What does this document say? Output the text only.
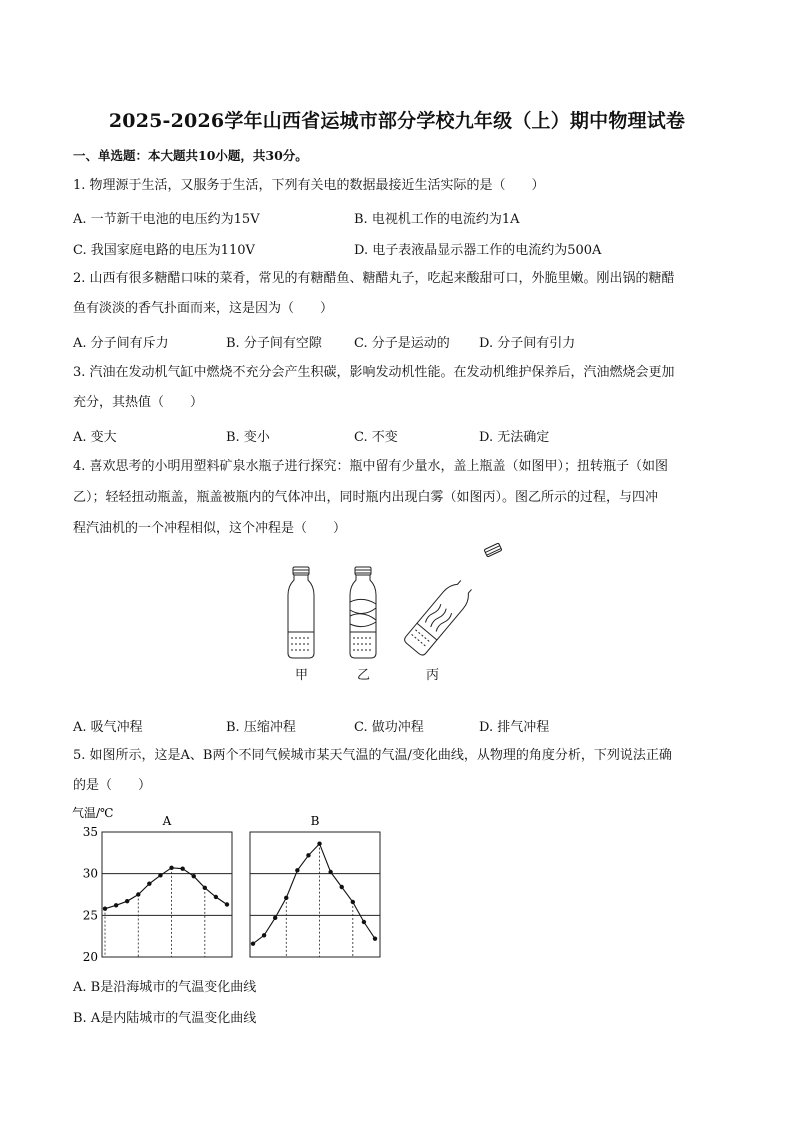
2025-2026学年山西省运城市部分学校九年级（上）期中物理试卷
一、单选题：本大题共10小题，共30分。
1. 物理源于生活，又服务于生活，下列有关电的数据最接近生活实际的是（　　）
A. 一节新干电池的电压约为15V	B. 电视机工作的电流约为1A
C. 我国家庭电路的电压为110V	D. 电子表液晶显示器工作的电流约为500A
2. 山西有很多糖醋口味的菜肴，常见的有糖醋鱼、糖醋丸子，吃起来酸甜可口，外脆里嫩。刚出锅的糖醋
鱼有淡淡的香气扑面而来，这是因为（　　）
A. 分子间有斥力	B. 分子间有空隙 C. 分子是运动的 D. 分子间有引力
3. 汽油在发动机气缸中燃烧不充分会产生积碳，影响发动机性能。在发动机维护保养后，汽油燃烧会更加
充分，其热值（　　）
A. 变大	B. 变小	C. 不变	D. 无法确定
4. 喜欢思考的小明用塑料矿泉水瓶子进行探究：瓶中留有少量水，盖上瓶盖（如图甲）；扭转瓶子（如图
乙）；轻轻扭动瓶盖，瓶盖被瓶内的气体冲出，同时瓶内出现白雾（如图丙）。图乙所示的过程，与四冲
程汽油机的一个冲程相似，这个冲程是（　　）
甲	乙	丙
A. 吸气冲程	B. 压缩冲程	C. 做功冲程	D. 排气冲程
5. 如图所示，这是A、B两个不同气候城市某天气温的气温/变化曲线，从物理的角度分析，下列说法正确
的是（　　）
气温/℃
35
30
25
20
A	B
A. B是沿海城市的气温变化曲线
B. A是内陆城市的气温变化曲线
